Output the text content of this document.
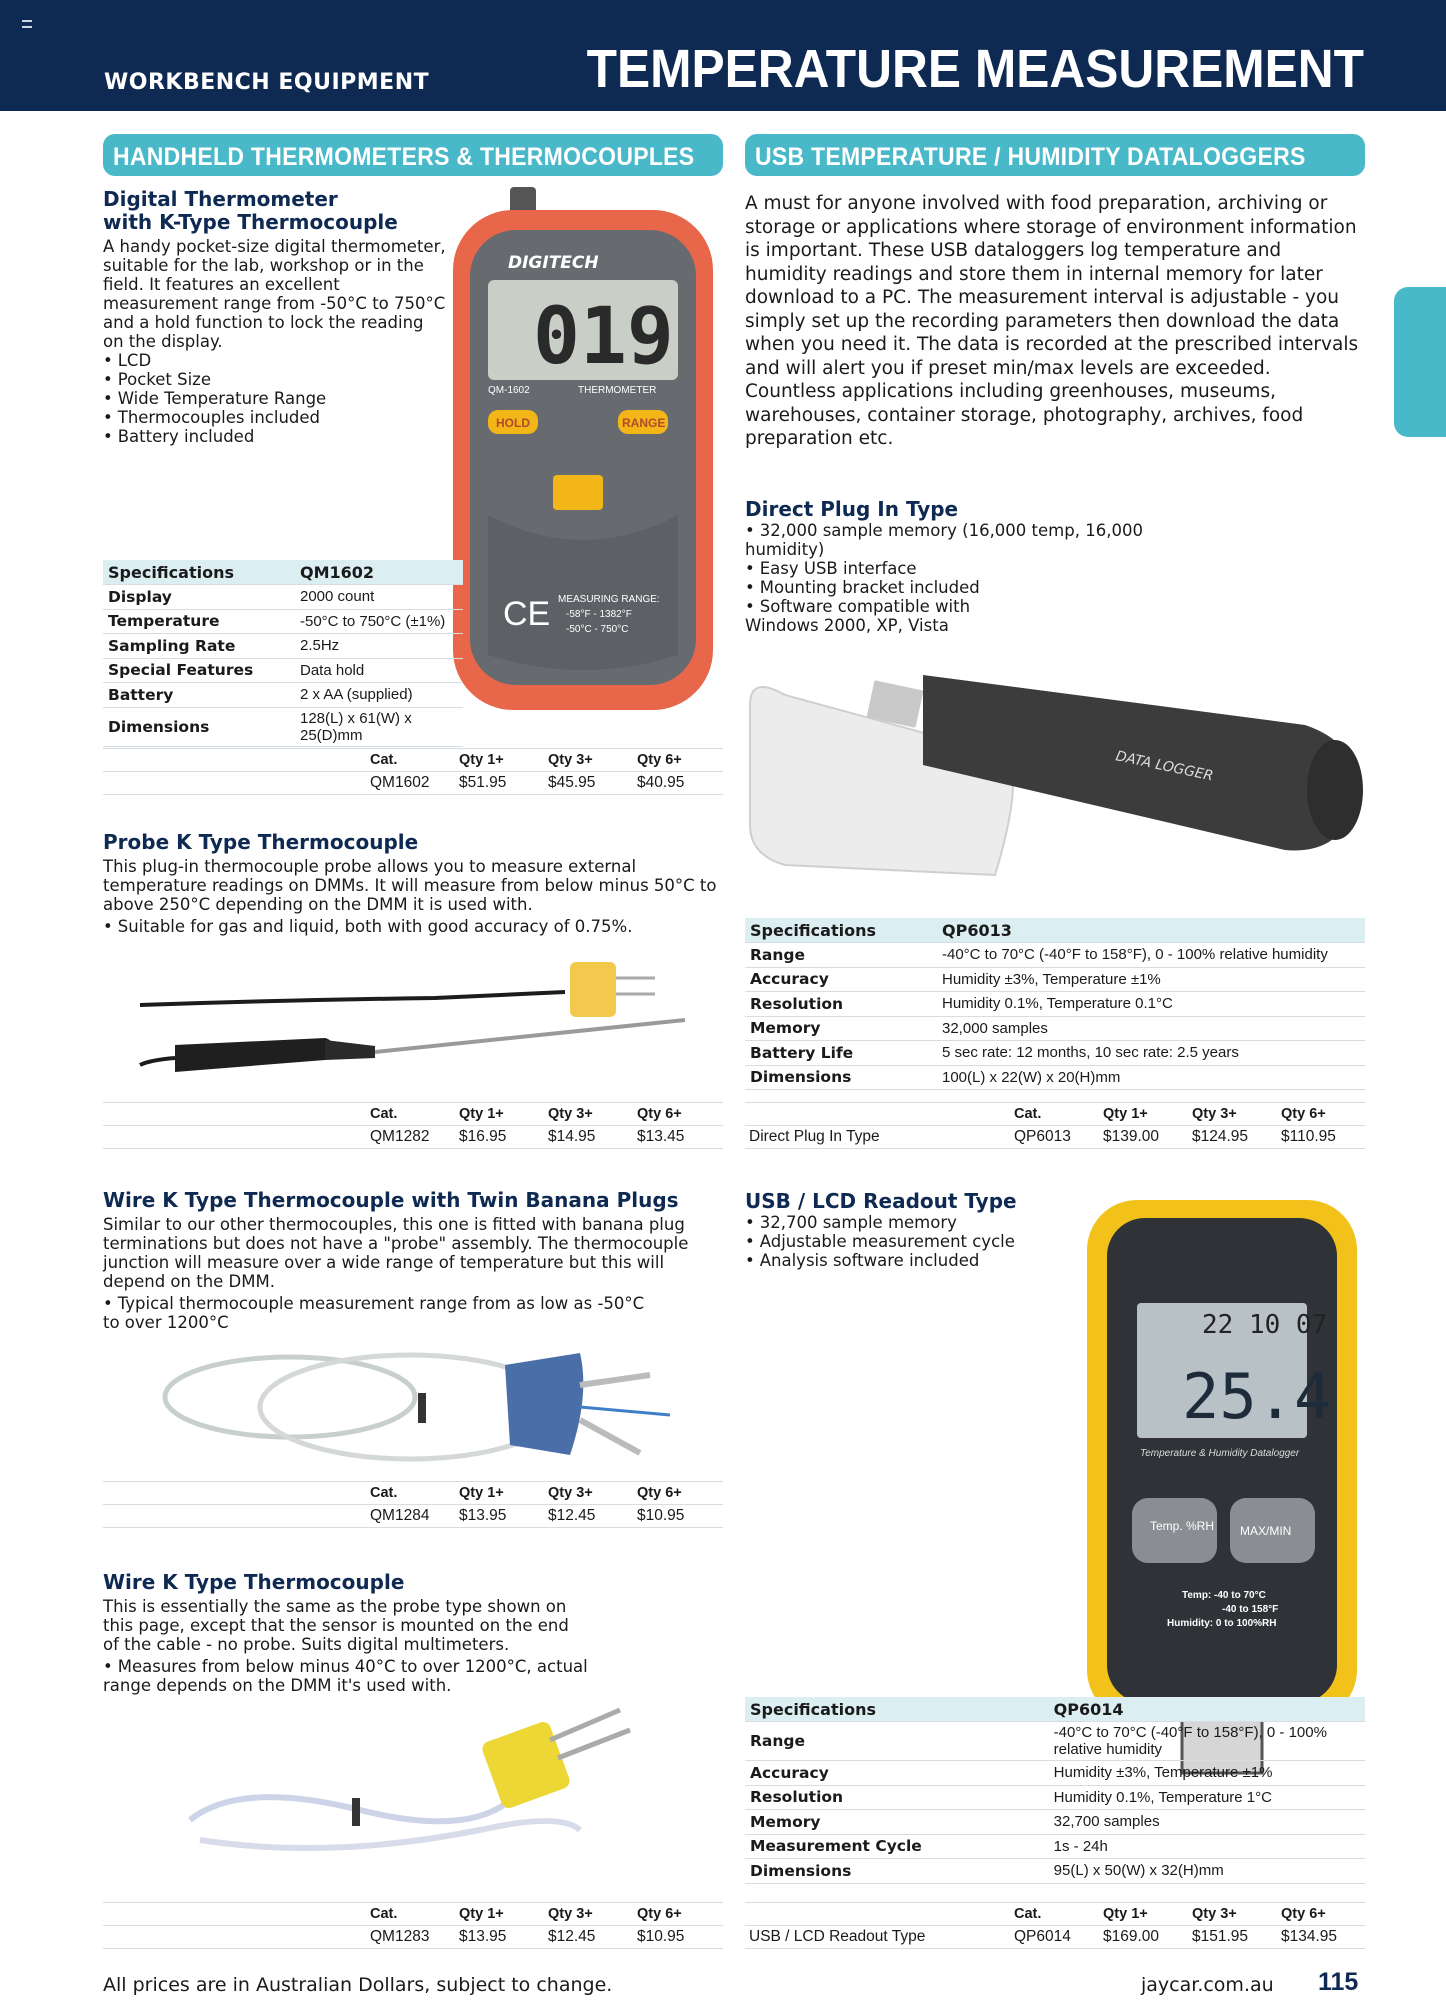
WORKBENCH EQUIPMENT	TEMPERATURE MEASUREMENT
HANDHELD THERMOMETERS & THERMOCOUPLES	USB TEMPERATURE / HUMIDITY DATALOGGERS
Digital Thermometer
with K-Type Thermocouple

A handy pocket-size digital thermometer, suitable for the lab, workshop or in the field. It features an excellent measurement range from -50°C to 750°C and a hold function to lock the reading on the display.

• LCD
• Pocket Size
• Wide Temperature Range
• Thermocouples included
• Battery included
DIGITECH
019
QM-1602	THERMOMETER
HOLD	RANGE
CE MEASURING RANGE:
-58°F - 1382°F
-50°C - 750°C
Specifications	QM1602
Display	2000 count
Temperature	-50°C to 750°C (±1%)
Sampling Rate	2.5Hz
Special Features	Data hold
Battery	2 x AA (supplied)
Dimensions	128(L) x 61(W) x 25(D)mm
	Cat.	Qty 1+	Qty 3+	Qty 6+
	QM1602	$51.95	$45.95	$40.95
Probe K Type Thermocouple

This plug-in thermocouple probe allows you to measure external temperature readings on DMMs. It will measure from below minus 50°C to above 250°C depending on the DMM it is used with.

• Suitable for gas and liquid, both with good accuracy of 0.75%.
	Cat.	Qty 1+	Qty 3+	Qty 6+
	QM1282	$16.95	$14.95	$13.45
Wire K Type Thermocouple with Twin Banana Plugs

Similar to our other thermocouples, this one is fitted with banana plug terminations but does not have a "probe" assembly. The thermocouple junction will measure over a wide range of temperature but this will depend on the DMM.

• Typical thermocouple measurement range from as low as -50°C to over 1200°C
	Cat.	Qty 1+	Qty 3+	Qty 6+
	QM1284	$13.95	$12.45	$10.95
Wire K Type Thermocouple

This is essentially the same as the probe type shown on this page, except that the sensor is mounted on the end of the cable - no probe. Suits digital multimeters.

• Measures from below minus 40°C to over 1200°C, actual range depends on the DMM it's used with.
	Cat.	Qty 1+	Qty 3+	Qty 6+
	QM1283	$13.95	$12.45	$10.95

A must for anyone involved with food preparation, archiving or storage or applications where storage of environment information is important. These USB dataloggers log temperature and humidity readings and store them in internal memory for later download to a PC. The measurement interval is adjustable - you simply set up the recording parameters then download the data when you need it. The data is recorded at the prescribed intervals and will alert you if preset min/max levels are exceeded. Countless applications including greenhouses, museums, warehouses, container storage, photography, archives, food preparation etc.

Direct Plug In Type
• 32,000 sample memory (16,000 temp, 16,000 humidity)
• Easy USB interface
• Mounting bracket included
• Software compatible with Windows 2000, XP, Vista
DATA LOGGER
Specifications	QP6013
Range	-40°C to 70°C (-40°F to 158°F), 0 - 100% relative humidity
Accuracy	Humidity ±3%, Temperature ±1%
Resolution	Humidity 0.1%, Temperature 0.1°C
Memory	32,000 samples
Battery Life	5 sec rate: 12 months, 10 sec rate: 2.5 years
Dimensions	100(L) x 22(W) x 20(H)mm
	Cat.	Qty 1+	Qty 3+	Qty 6+
Direct Plug In Type	QP6013	$139.00	$124.95	$110.95
USB / LCD Readout Type
• 32,700 sample memory
• Adjustable measurement cycle
• Analysis software included
22 10 07
25.4
Temperature & Humidity Datalogger
Temp. %RH MAX/MIN
Temp: -40 to 70°C
-40 to 158°F
Humidity: 0 to 100%RH
Specifications	QP6014
Range	-40°C to 70°C (-40°F to 158°F), 0 - 100% relative humidity
Accuracy	Humidity ±3%, Temperature ±1%
Resolution	Humidity 0.1%, Temperature 1°C
Memory	32,700 samples
Measurement Cycle	1s - 24h
Dimensions	95(L) x 50(W) x 32(H)mm
	Cat.	Qty 1+	Qty 3+	Qty 6+
USB / LCD Readout Type	QP6014	$169.00	$151.95	$134.95
All prices are in Australian Dollars, subject to change.	jaycar.com.au 115
